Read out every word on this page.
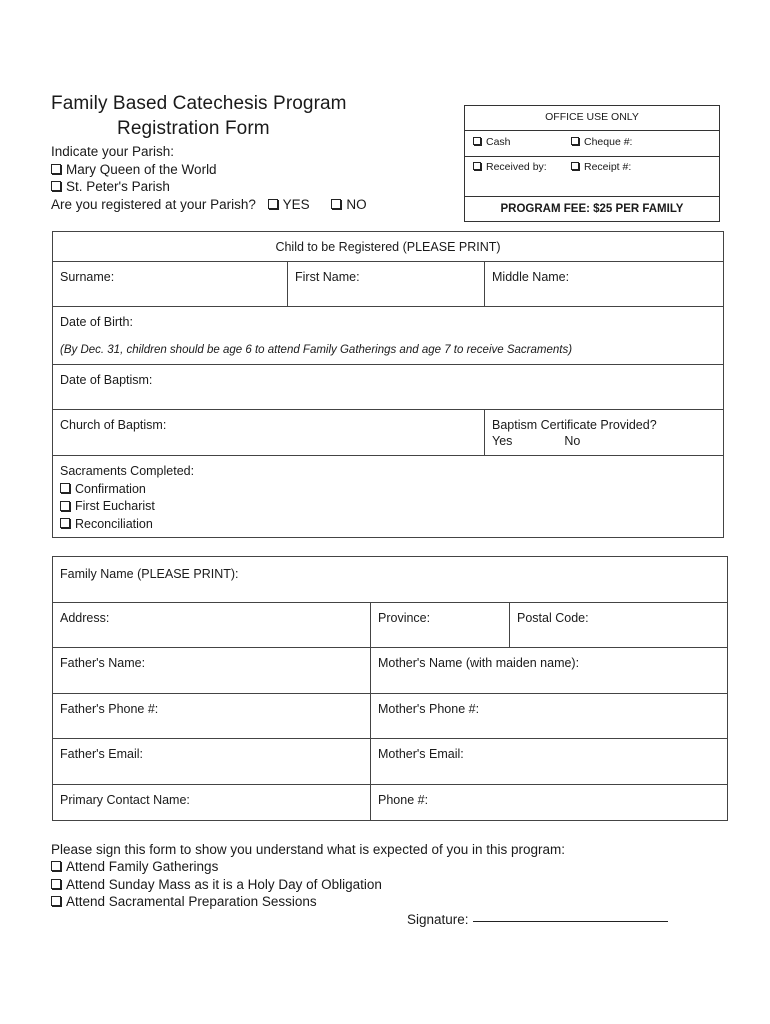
Family Based Catechesis Program
Registration Form
Indicate your Parish:
Mary Queen of the World
St. Peter's Parish
Are you registered at your Parish? YES	NO
OFFICE USE ONLY
Cash	Cheque #:
Received by:	Receipt #:
PROGRAM FEE: $25 PER FAMILY
Child to be Registered (PLEASE PRINT)		

Surname:	First Name:	Middle Name:

Date of Birth:
(By Dec. 31, children should be age 6 to attend Family Gatherings and age 7 to receive Sacraments)		

Date of Baptism:		

Church of Baptism:		Baptism Certificate Provided?
Yes No

Sacraments Completed:
Confirmation
First Eucharist
Reconciliation		
Family Name (PLEASE PRINT):		

Address:	Province:	Postal Code:

Father's Name:	Mother's Name (with maiden name):	

Father's Phone #:	Mother's Phone #:	

Father's Email:	Mother's Email:	

Primary Contact Name:	Phone #:	
Please sign this form to show you understand what is expected of you in this program:
Attend Family Gatherings
Attend Sunday Mass as it is a Holy Day of Obligation
Attend Sacramental Preparation Sessions
Signature:
